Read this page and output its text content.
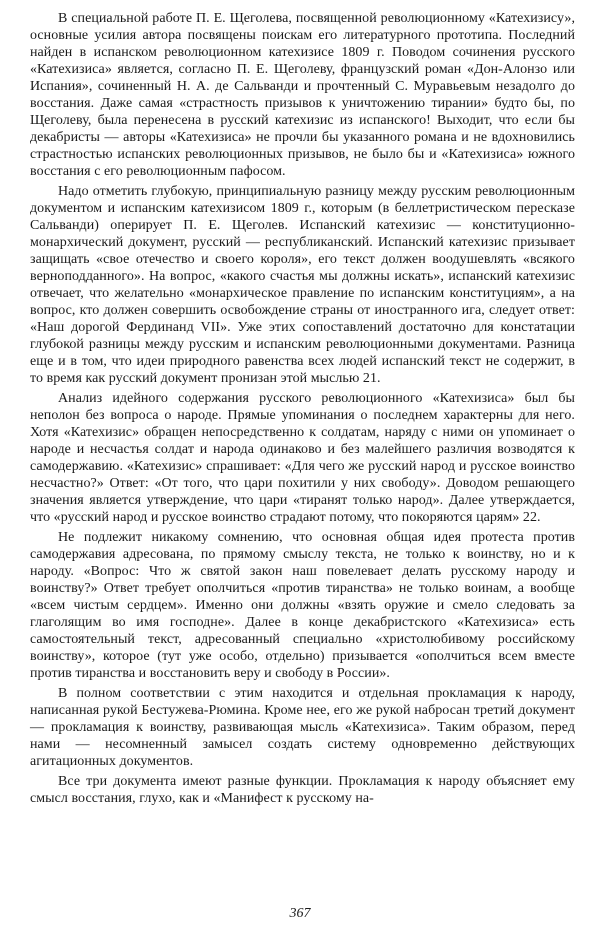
В специальной работе П. Е. Щеголева, посвященной революционному «Катехизису», основные усилия автора посвящены поискам его литературного прототипа. Последний найден в испанском революционном катехизисе 1809 г. Поводом сочинения русского «Катехизиса» является, согласно П. Е. Щеголеву, французский роман «Дон-Алонзо или Испания», сочиненный Н. А. де Сальванди и прочтенный С. Муравьевым незадолго до восстания. Даже самая «страстность призывов к уничтожению тирании» будто бы, по Щеголеву, была перенесена в русский катехизис из испанского! Выходит, что если бы декабристы — авторы «Катехизиса» не прочли бы указанного романа и не вдохновились страстностью испанских революционных призывов, не было бы и «Катехизиса» южного восстания с его революционным пафосом.

Надо отметить глубокую, принципиальную разницу между русским революционным документом и испанским катехизисом 1809 г., которым (в беллетристическом пересказе Сальванди) оперирует П. Е. Щеголев. Испанский катехизис — конституционно-монархический документ, русский — республиканский. Испанский катехизис призывает защищать «свое отечество и своего короля», его текст должен воодушевлять «всякого верноподданного». На вопрос, «какого счастья мы должны искать», испанский катехизис отвечает, что желательно «монархическое правление по испанским конституциям», а на вопрос, кто должен совершить освобождение страны от иностранного ига, следует ответ: «Наш дорогой Фердинанд VII». Уже этих сопоставлений достаточно для констатации глубокой разницы между русским и испанским революционными документами. Разница еще и в том, что идеи природного равенства всех людей испанский текст не содержит, в то время как русский документ пронизан этой мыслью 21.

Анализ идейного содержания русского революционного «Катехизиса» был бы неполон без вопроса о народе. Прямые упоминания о последнем характерны для него. Хотя «Катехизис» обращен непосредственно к солдатам, наряду с ними он упоминает о народе и несчастья солдат и народа одинаково и без малейшего различия возводятся к самодержавию. «Катехизис» спрашивает: «Для чего же русский народ и русское воинство несчастно?» Ответ: «От того, что цари похитили у них свободу». Доводом решающего значения является утверждение, что цари «тиранят только народ». Далее утверждается, что «русский народ и русское воинство страдают потому, что покоряются царям» 22.

Не подлежит никакому сомнению, что основная общая идея протеста против самодержавия адресована, по прямому смыслу текста, не только к воинству, но и к народу. «Вопрос: Что ж святой закон наш повелевает делать русскому народу и воинству?» Ответ требует ополчиться «против тиранства» не только воинам, а вообще «всем чистым сердцем». Именно они должны «взять оружие и смело следовать за глаголящим во имя господне». Далее в конце декабристского «Катехизиса» есть самостоятельный текст, адресованный специально «христолюбивому российскому воинству», которое (тут уже особо, отдельно) призывается «ополчиться всем вместе против тиранства и восстановить веру и свободу в России».

В полном соответствии с этим находится и отдельная прокламация к народу, написанная рукой Бестужева-Рюмина. Кроме нее, его же рукой набросан третий документ — прокламация к воинству, развивающая мысль «Катехизиса». Таким образом, перед нами — несомненный замысел создать систему одновременно действующих агитационных документов.

Все три документа имеют разные функции. Прокламация к народу объясняет ему смысл восстания, глухо, как и «Манифест к русскому на-

367
